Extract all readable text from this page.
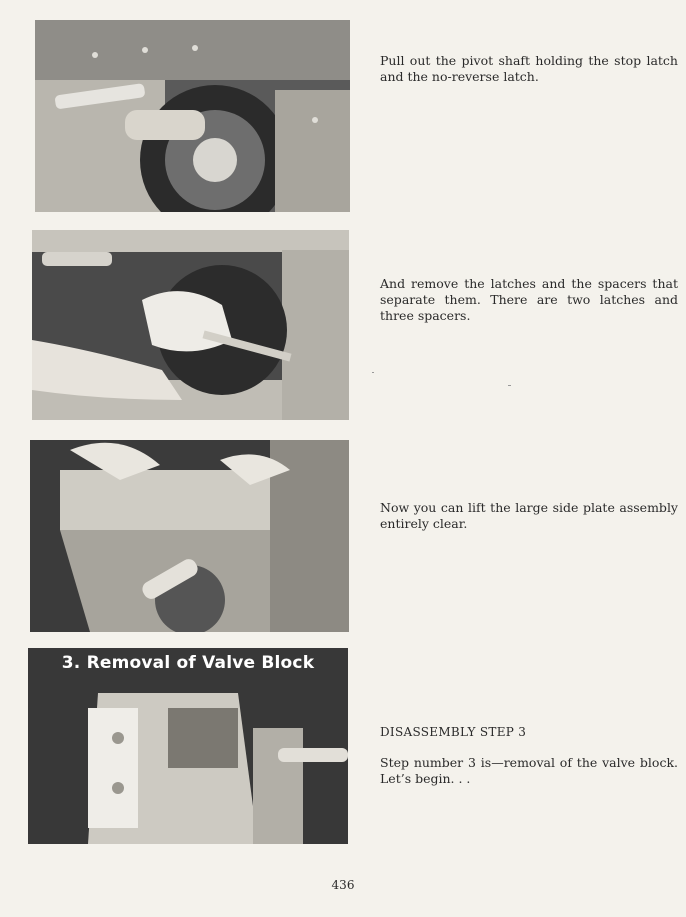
Pull out the pivot shaft holding the stop latch and the no-reverse latch.

And remove the latches and the spacers that separate them. There are two latches and three spacers.

Now you can lift the large side plate assembly entirely clear.

3. Removal of Valve Block

DISASSEMBLY STEP 3

Step number 3 is—removal of the valve block. Let’s begin. . .

436
